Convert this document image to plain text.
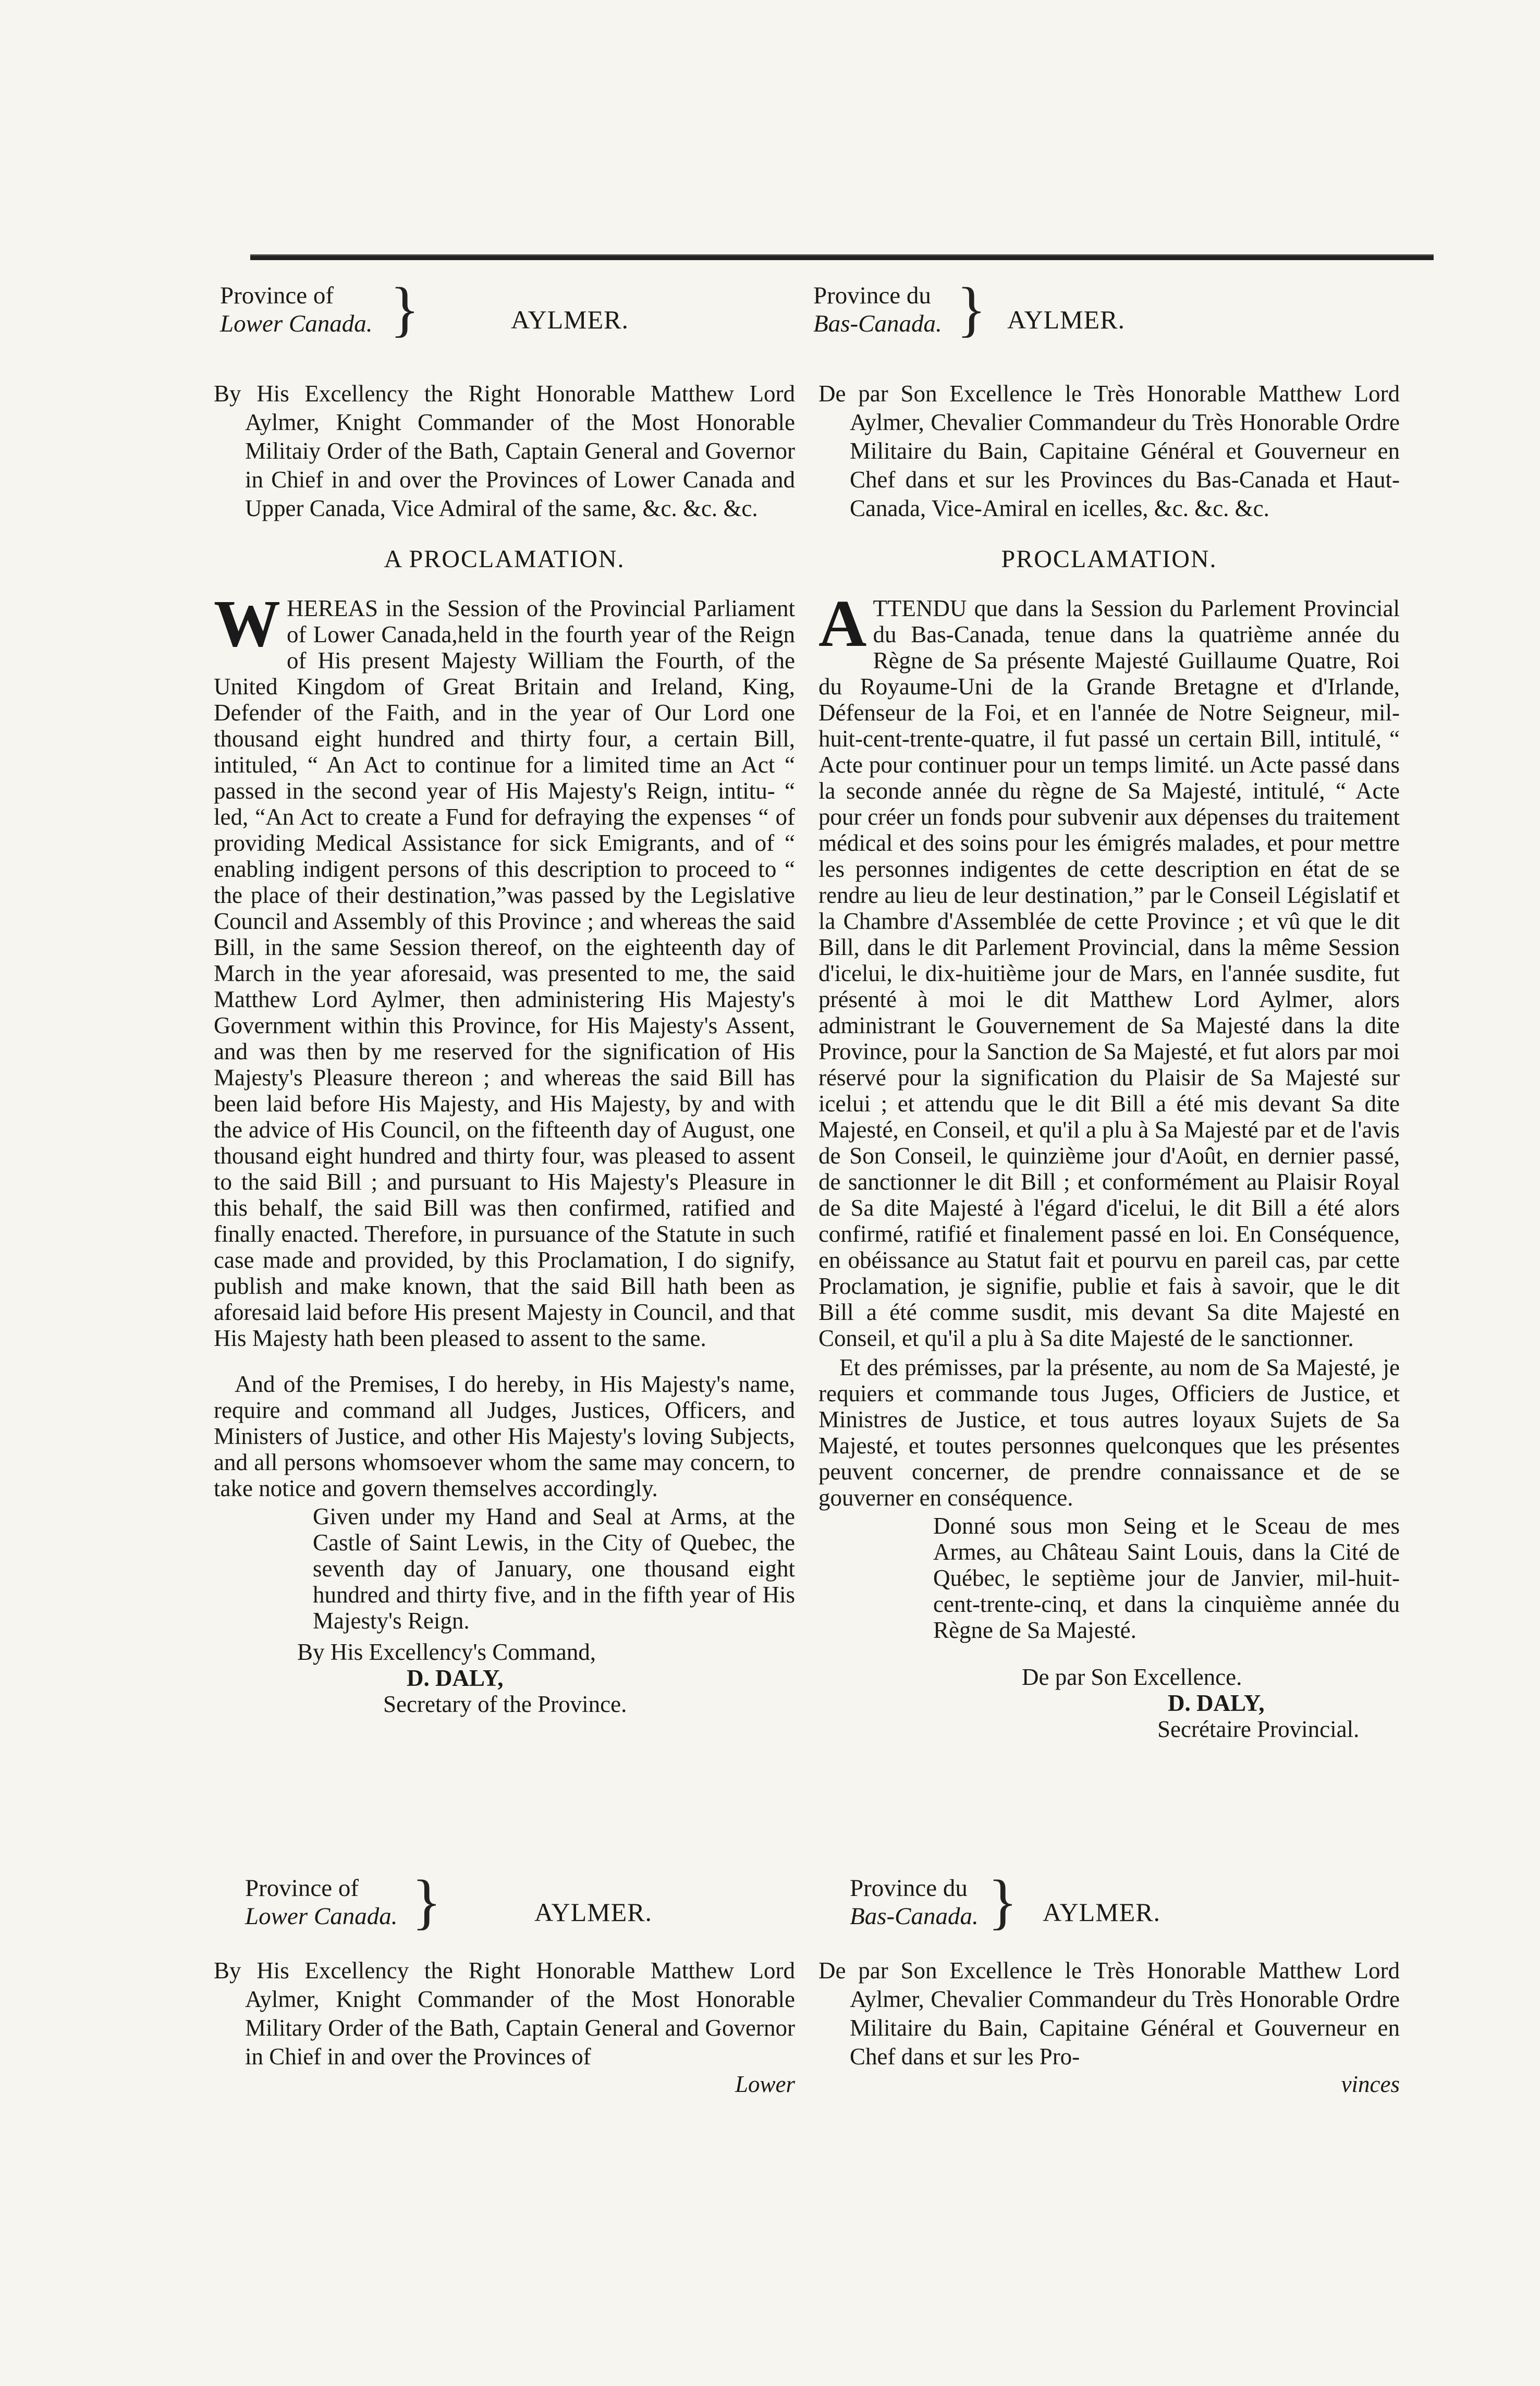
Province of
Lower Canada. }	AYLMER.
By His Excellency the Right Honorable Matthew Lord Aylmer, Knight Commander of the Most Honorable Militaiy Order of the Bath, Captain General and Governor in Chief in and over the Provinces of Lower Canada and Upper Canada, Vice Admiral of the same, &c. &c. &c.
A PROCLAMATION.
WHEREAS in the Session of the Provincial Parliament of Lower Canada,held in the fourth year of the Reign of His present Majesty William the Fourth, of the United Kingdom of Great Britain and Ireland, King, Defender of the Faith, and in the year of Our Lord one thousand eight hundred and thirty four, a certain Bill, intituled, “ An Act to continue for a limited time an Act “ passed in the second year of His Majesty's Reign, intitu- “ led, “An Act to create a Fund for defraying the expenses “ of providing Medical Assistance for sick Emigrants, and of “ enabling indigent persons of this description to proceed to “ the place of their destination,”was passed by the Legislative Council and Assembly of this Province ; and whereas the said Bill, in the same Session thereof, on the eighteenth day of March in the year aforesaid, was presented to me, the said Matthew Lord Aylmer, then administering His Majesty's Government within this Province, for His Majesty's Assent, and was then by me reserved for the signification of His Majesty's Pleasure thereon ; and whereas the said Bill has been laid before His Majesty, and His Majesty, by and with the advice of His Council, on the fifteenth day of August, one thousand eight hundred and thirty four, was pleased to assent to the said Bill ; and pursuant to His Majesty's Pleasure in this behalf, the said Bill was then confirmed, ratified and finally enacted. Therefore, in pursuance of the Statute in such case made and provided, by this Proclamation, I do signify, publish and make known, that the said Bill hath been as aforesaid laid before His present Majesty in Council, and that His Majesty hath been pleased to assent to the same.
And of the Premises, I do hereby, in His Majesty's name, require and command all Judges, Justices, Officers, and Ministers of Justice, and other His Majesty's loving Subjects, and all persons whomsoever whom the same may concern, to take notice and govern themselves accordingly.
Given under my Hand and Seal at Arms, at the Castle of Saint Lewis, in the City of Quebec, the seventh day of January, one thousand eight hundred and thirty five, and in the fifth year of His Majesty's Reign.
By His Excellency's Command,
D. DALY,
Secretary of the Province.
Province of
Lower Canada. }	AYLMER.
By His Excellency the Right Honorable Matthew Lord Aylmer, Knight Commander of the Most Honorable Military Order of the Bath, Captain General and Governor in Chief in and over the Provinces of
Lower
Province du
Bas-Canada. } AYLMER.
De par Son Excellence le Très Honorable Matthew Lord Aylmer, Chevalier Commandeur du Très Honorable Ordre Militaire du Bain, Capitaine Général et Gouverneur en Chef dans et sur les Provinces du Bas-Canada et Haut-Canada, Vice-Amiral en icelles, &c. &c. &c.
PROCLAMATION.
ATTENDU que dans la Session du Parlement Provincial du Bas-Canada, tenue dans la quatrième année du Règne de Sa présente Majesté Guillaume Quatre, Roi du Royaume-Uni de la Grande Bretagne et d'Irlande, Défenseur de la Foi, et en l'année de Notre Seigneur, mil-huit-cent-trente-quatre, il fut passé un certain Bill, intitulé, “ Acte pour continuer pour un temps limité. un Acte passé dans la seconde année du règne de Sa Majesté, intitulé, “ Acte pour créer un fonds pour subvenir aux dépenses du traitement médical et des soins pour les émigrés malades, et pour mettre les personnes indigentes de cette description en état de se rendre au lieu de leur destination,” par le Conseil Législatif et la Chambre d'Assemblée de cette Province ; et vû que le dit Bill, dans le dit Parlement Provincial, dans la même Session d'icelui, le dix-huitième jour de Mars, en l'année susdite, fut présenté à moi le dit Matthew Lord Aylmer, alors administrant le Gouvernement de Sa Majesté dans la dite Province, pour la Sanction de Sa Majesté, et fut alors par moi réservé pour la signification du Plaisir de Sa Majesté sur icelui ; et attendu que le dit Bill a été mis devant Sa dite Majesté, en Conseil, et qu'il a plu à Sa Majesté par et de l'avis de Son Conseil, le quinzième jour d'Août, en dernier passé, de sanctionner le dit Bill ; et conformément au Plaisir Royal de Sa dite Majesté à l'égard d'icelui, le dit Bill a été alors confirmé, ratifié et finalement passé en loi. En Conséquence, en obéissance au Statut fait et pourvu en pareil cas, par cette Proclamation, je signifie, publie et fais à savoir, que le dit Bill a été comme susdit, mis devant Sa dite Majesté en Conseil, et qu'il a plu à Sa dite Majesté de le sanctionner.
Et des prémisses, par la présente, au nom de Sa Majesté, je requiers et commande tous Juges, Officiers de Justice, et Ministres de Justice, et tous autres loyaux Sujets de Sa Majesté, et toutes personnes quelconques que les présentes peuvent concerner, de prendre connaissance et de se gouverner en conséquence.
Donné sous mon Seing et le Sceau de mes Armes, au Château Saint Louis, dans la Cité de Québec, le septième jour de Janvier, mil-huit-cent-trente-cinq, et dans la cinquième année du Règne de Sa Majesté.
De par Son Excellence.
D. DALY,
Secrétaire Provincial.
Province du
Bas-Canada. } AYLMER.
De par Son Excellence le Très Honorable Matthew Lord Aylmer, Chevalier Commandeur du Très Honorable Ordre Militaire du Bain, Capitaine Général et Gouverneur en Chef dans et sur les Pro-
vinces
